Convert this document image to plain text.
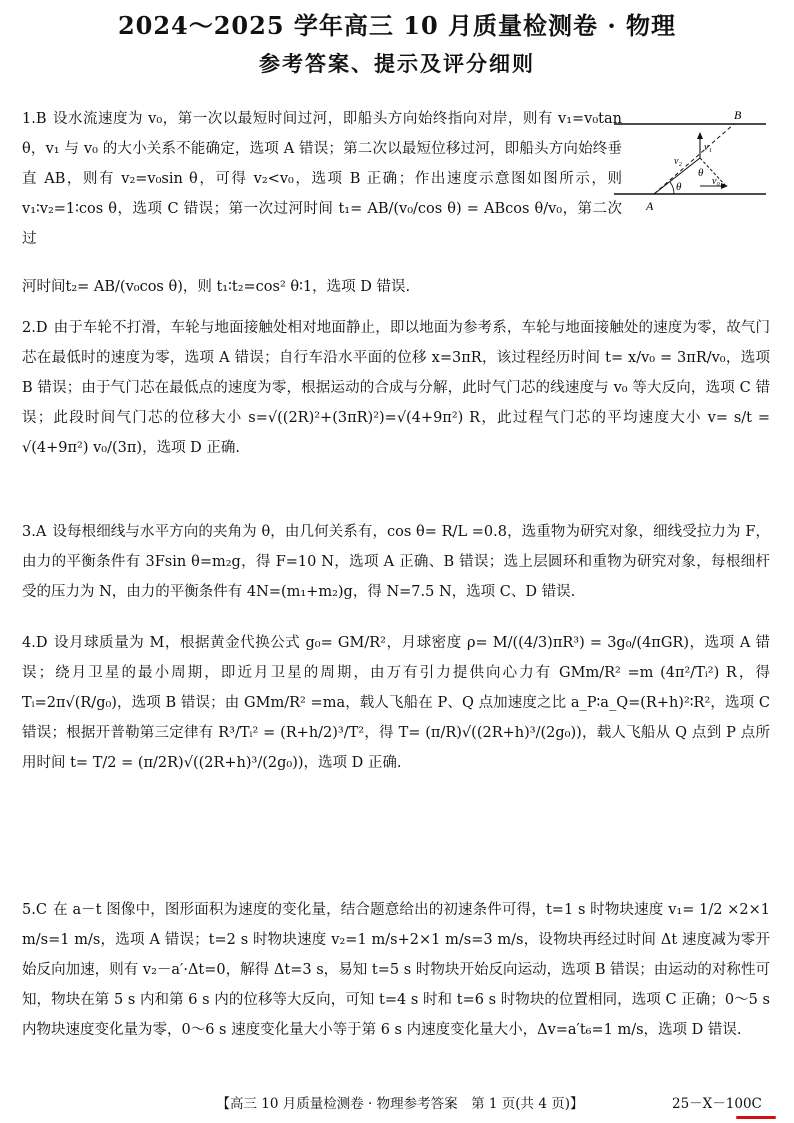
2024～2025 学年高三 10 月质量检测卷 · 物理
参考答案、提示及评分细则
1.B 设水流速度为 v₀，第一次以最短时间过河，即船头方向始终指向对岸，则有 v₁=v₀tan θ，v₁ 与 v₀ 的大小关系不能确定，选项 A 错误；第二次以最短位移过河，即船头方向始终垂直 AB，则有 v₂=v₀sin θ，可得 v₂<v₀，选项 B 正确；作出速度示意图如图所示，则 v₁∶v₂=1∶cos θ，选项 C 错误；第一次过河时间 t₁= AB/(v₀/cos θ) = ABcos θ/v₀，第二次过
河时间t₂= AB/(v₀cos θ)，则 t₁∶t₂=cos² θ∶1，选项 D 错误.
B
A
v₁
v₂
v₀
θ
θ
2.D 由于车轮不打滑，车轮与地面接触处相对地面静止，即以地面为参考系，车轮与地面接触处的速度为零，故气门芯在最低时的速度为零，选项 A 错误；自行车沿水平面的位移 x=3πR，该过程经历时间 t= x/v₀ = 3πR/v₀，选项 B 错误；由于气门芯在最低点的速度为零，根据运动的合成与分解，此时气门芯的线速度与 v₀ 等大反向，选项 C 错误；此段时间气门芯的位移大小 s=√((2R)²+(3πR)²)=√(4+9π²) R，此过程气门芯的平均速度大小 v= s/t = √(4+9π²) v₀/(3π)，选项 D 正确.
3.A 设每根细线与水平方向的夹角为 θ，由几何关系有，cos θ= R/L =0.8，选重物为研究对象，细线受拉力为 F，由力的平衡条件有 3Fsin θ=m₂g，得 F=10 N，选项 A 正确、B 错误；选上层圆环和重物为研究对象，每根细杆受的压力为 N，由力的平衡条件有 4N=(m₁+m₂)g，得 N=7.5 N，选项 C、D 错误.
4.D 设月球质量为 M，根据黄金代换公式 g₀= GM/R²，月球密度 ρ= M/((4/3)πR³) = 3g₀/(4πGR)，选项 A 错误；绕月卫星的最小周期，即近月卫星的周期，由万有引力提供向心力有 GMm/R² =m (4π²/Tᵢ²) R，得 Tᵢ=2π√(R/g₀)，选项 B 错误；由 GMm/R² =ma，载人飞船在 P、Q 点加速度之比 a_P∶a_Q=(R+h)²∶R²，选项 C 错误；根据开普勒第三定律有 R³/Tᵢ² = (R+h/2)³/T²，得 T= (π/R)√((2R+h)³/(2g₀))，载人飞船从 Q 点到 P 点所用时间 t= T/2 = (π/2R)√((2R+h)³/(2g₀))，选项 D 正确.
5.C 在 a－t 图像中，图形面积为速度的变化量，结合题意给出的初速条件可得，t=1 s 时物块速度 v₁= 1/2 ×2×1 m/s=1 m/s，选项 A 错误；t=2 s 时物块速度 v₂=1 m/s+2×1 m/s=3 m/s，设物块再经过时间 Δt 速度减为零开始反向加速，则有 v₂－a′·Δt=0，解得 Δt=3 s，易知 t=5 s 时物块开始反向运动，选项 B 错误；由运动的对称性可知，物块在第 5 s 内和第 6 s 内的位移等大反向，可知 t=4 s 时和 t=6 s 时物块的位置相同，选项 C 正确；0～5 s 内物块速度变化量为零，0～6 s 速度变化量大小等于第 6 s 内速度变化量大小，Δv=a′t₆=1 m/s，选项 D 错误.
【高三 10 月质量检测卷 · 物理参考答案　第 1 页(共 4 页)】	25－X－100C
